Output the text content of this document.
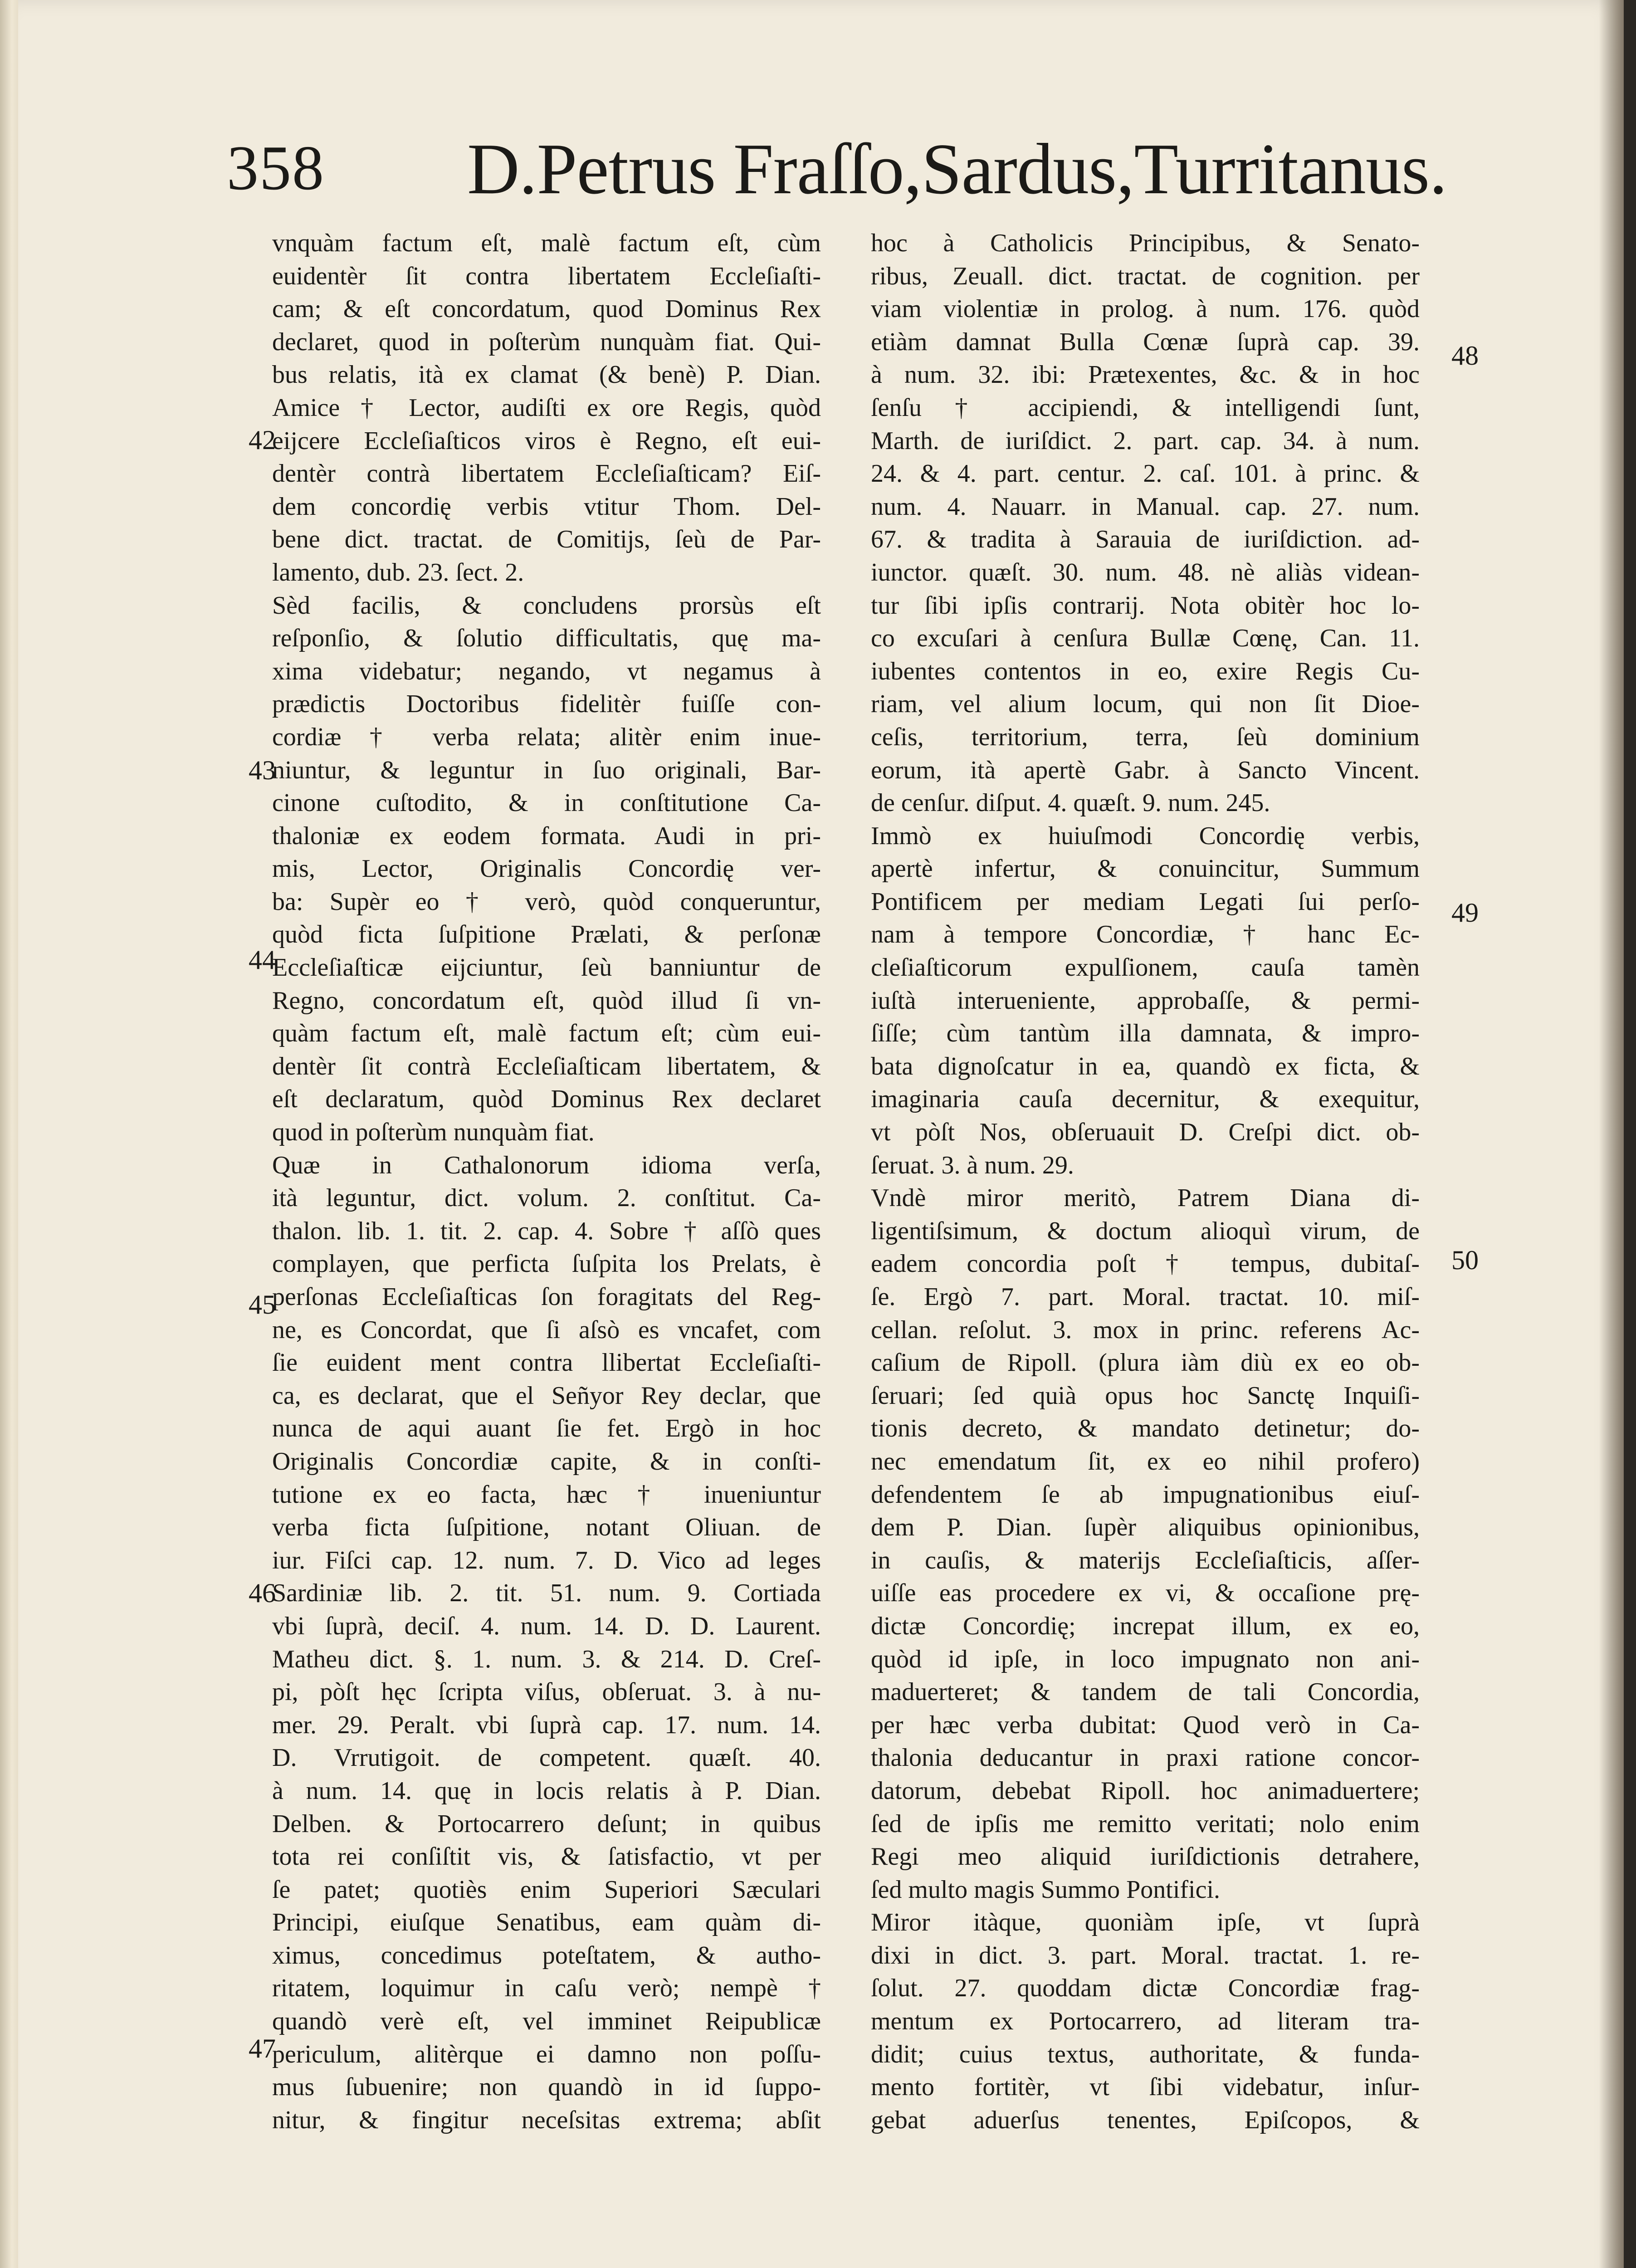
358 D.Petrus Fraſſo,Sardus,Turritanus.
vnquàm factum eſt, malè factum eſt, cùm
euidentèr ſit contra libertatem Eccleſiaſti-
cam; & eſt concordatum, quod Dominus Rex
declaret, quod in poſterùm nunquàm fiat. Qui-
bus relatis, ità ex clamat (& benè) P. Dian.
Amice † Lector, audiſti ex ore Regis, quòd
eijcere Eccleſiaſticos viros è Regno, eſt eui-
dentèr contrà libertatem Eccleſiaſticam? Eiſ-
dem concordię verbis vtitur Thom. Del-
bene dict. tractat. de Comitijs, ſeù de Par-
lamento, dub. 23. ſect. 2.
Sèd facilis, & concludens prorsùs eſt
reſponſio, & ſolutio difficultatis, quę ma-
xima videbatur; negando, vt negamus à
prædictis Doctoribus fidelitèr fuiſſe con-
cordiæ † verba relata; alitèr enim inue-
niuntur, & leguntur in ſuo originali, Bar-
cinone cuſtodito, & in conſtitutione Ca-
thaloniæ ex eodem formata. Audi in pri-
mis, Lector, Originalis Concordię ver-
ba: Supèr eo † verò, quòd conqueruntur,
quòd ficta ſuſpitione Prælati, & perſonæ
Eccleſiaſticæ eijciuntur, ſeù banniuntur de
Regno, concordatum eſt, quòd illud ſi vn-
quàm factum eſt, malè factum eſt; cùm eui-
dentèr ſit contrà Eccleſiaſticam libertatem, &
eſt declaratum, quòd Dominus Rex declaret
quod in poſterùm nunquàm fiat.
Quæ in Cathalonorum idioma verſa,
ità leguntur, dict. volum. 2. conſtitut. Ca-
thalon. lib. 1. tit. 2. cap. 4. Sobre † aſſò ques
complayen, que perficta ſuſpita los Prelats, è
perſonas Eccleſiaſticas ſon foragitats del Reg-
ne, es Concordat, que ſi aſsò es vncafet, com
ſie euident ment contra llibertat Eccleſiaſti-
ca, es declarat, que el Señyor Rey declar, que
nunca de aqui auant ſie fet. Ergò in hoc
Originalis Concordiæ capite, & in conſti-
tutione ex eo facta, hæc † inueniuntur
verba ficta ſuſpitione, notant Oliuan. de
iur. Fiſci cap. 12. num. 7. D. Vico ad leges
Sardiniæ lib. 2. tit. 51. num. 9. Cortiada
vbi ſuprà, deciſ. 4. num. 14. D. D. Laurent.
Matheu dict. §. 1. num. 3. & 214. D. Creſ-
pi, pòſt hęc ſcripta viſus, obſeruat. 3. à nu-
mer. 29. Peralt. vbi ſuprà cap. 17. num. 14.
D. Vrrutigoit. de competent. quæſt. 40.
à num. 14. quę in locis relatis à P. Dian.
Delben. & Portocarrero deſunt; in quibus
tota rei conſiſtit vis, & ſatisfactio, vt per
ſe patet; quotiès enim Superiori Sæculari
Principi, eiuſque Senatibus, eam quàm di-
ximus, concedimus poteſtatem, & autho-
ritatem, loquimur in caſu verò; nempè †
quandò verè eſt, vel imminet Reipublicæ
periculum, alitèrque ei damno non poſſu-
mus ſubuenire; non quandò in id ſuppo-
nitur, & fingitur neceſsitas extrema; abſit
hoc à Catholicis Principibus, & Senato-
ribus, Zeuall. dict. tractat. de cognition. per
viam violentiæ in prolog. à num. 176. quòd
etiàm damnat Bulla Cœnæ ſuprà cap. 39.
à num. 32. ibi: Prætexentes, &c. & in hoc
ſenſu † accipiendi, & intelligendi ſunt,
Marth. de iuriſdict. 2. part. cap. 34. à num.
24. & 4. part. centur. 2. caſ. 101. à princ. &
num. 4. Nauarr. in Manual. cap. 27. num.
67. & tradita à Sarauia de iuriſdiction. ad-
iunctor. quæſt. 30. num. 48. nè aliàs videan-
tur ſibi ipſis contrarij. Nota obitèr hoc lo-
co excuſari à cenſura Bullæ Cœnę, Can. 11.
iubentes contentos in eo, exire Regis Cu-
riam, vel alium locum, qui non ſit Dioe-
ceſis, territorium, terra, ſeù dominium
eorum, ità apertè Gabr. à Sancto Vincent.
de cenſur. diſput. 4. quæſt. 9. num. 245.
Immò ex huiuſmodi Concordię verbis,
apertè infertur, & conuincitur, Summum
Pontificem per mediam Legati ſui perſo-
nam à tempore Concordiæ, † hanc Ec-
cleſiaſticorum expulſionem, cauſa tamèn
iuſtà interueniente, approbaſſe, & permi-
ſiſſe; cùm tantùm illa damnata, & impro-
bata dignoſcatur in ea, quandò ex ficta, &
imaginaria cauſa decernitur, & exequitur,
vt pòſt Nos, obſeruauit D. Creſpi dict. ob-
ſeruat. 3. à num. 29.
Vndè miror meritò, Patrem Diana di-
ligentiſsimum, & doctum alioquì virum, de
eadem concordia poſt † tempus, dubitaſ-
ſe. Ergò 7. part. Moral. tractat. 10. miſ-
cellan. reſolut. 3. mox in princ. referens Ac-
caſium de Ripoll. (plura iàm diù ex eo ob-
ſeruari; ſed quià opus hoc Sanctę Inquiſi-
tionis decreto, & mandato detinetur; do-
nec emendatum ſit, ex eo nihil profero)
defendentem ſe ab impugnationibus eiuſ-
dem P. Dian. ſupèr aliquibus opinionibus,
in cauſis, & materijs Eccleſiaſticis, aſſer-
uiſſe eas procedere ex vi, & occaſione prę-
dictæ Concordię; increpat illum, ex eo,
quòd id ipſe, in loco impugnato non ani-
maduerteret; & tandem de tali Concordia,
per hæc verba dubitat: Quod verò in Ca-
thalonia deducantur in praxi ratione concor-
datorum, debebat Ripoll. hoc animaduertere;
ſed de ipſis me remitto veritati; nolo enim
Regi meo aliquid iuriſdictionis detrahere,
ſed multo magis Summo Pontifici.
Miror itàque, quoniàm ipſe, vt ſuprà
dixi in dict. 3. part. Moral. tractat. 1. re-
ſolut. 27. quoddam dictæ Concordiæ frag-
mentum ex Portocarrero, ad literam tra-
didit; cuius textus, authoritate, & funda-
mento fortitèr, vt ſibi videbatur, inſur-
gebat aduerſus tenentes, Epiſcopos, &
42
43
44
45
46
47
48
49
50
